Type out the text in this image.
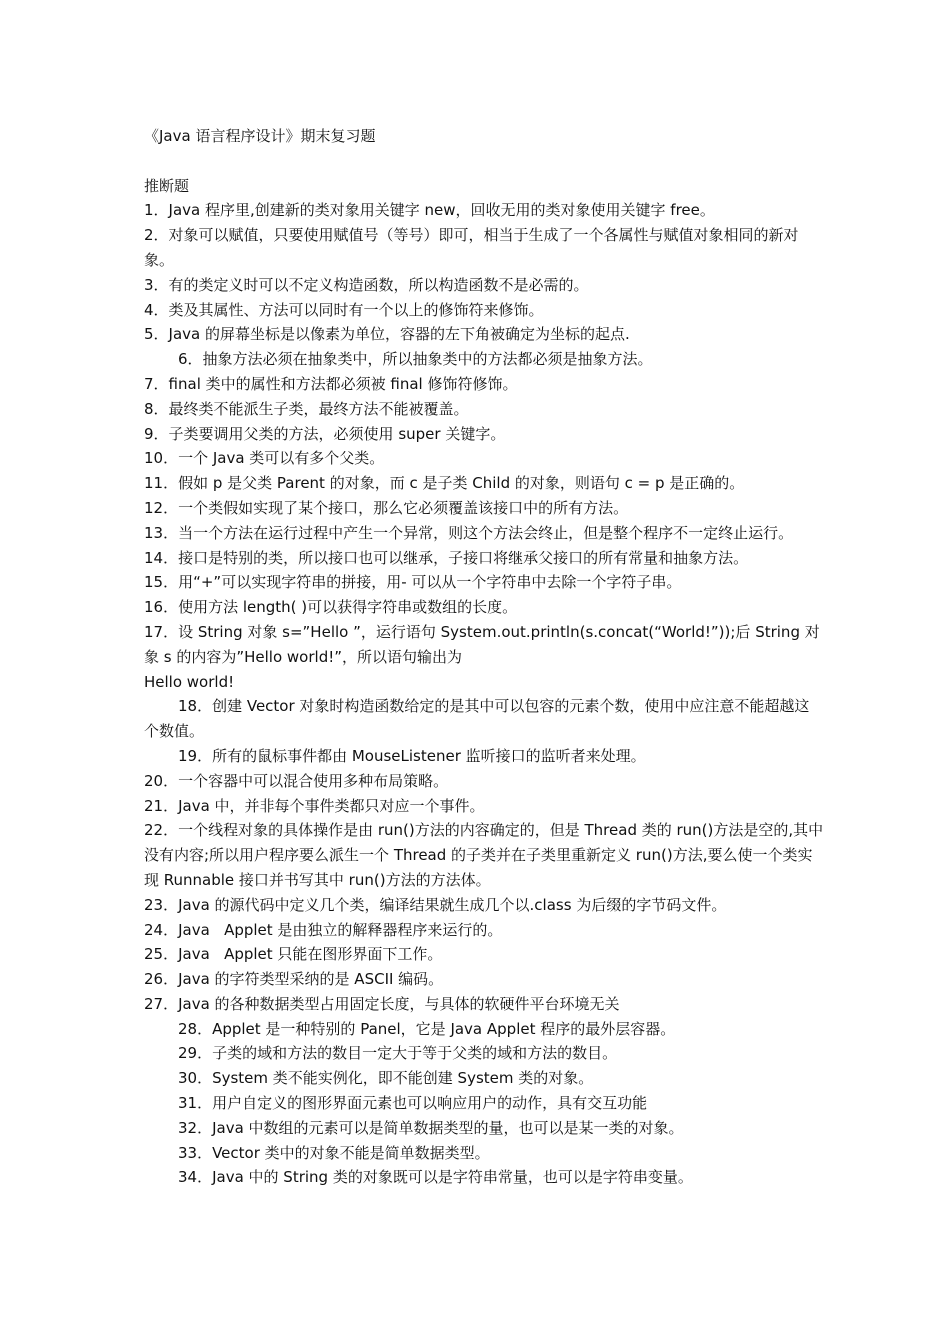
《Java 语言程序设计》期末复习题
推断题
1．Java 程序里,创建新的类对象用关键字 new，回收无用的类对象使用关键字 free。
2．对象可以赋值，只要使用赋值号（等号）即可，相当于生成了一个各属性与赋值对象相同的新对象。
3．有的类定义时可以不定义构造函数，所以构造函数不是必需的。
4．类及其属性、方法可以同时有一个以上的修饰符来修饰。
5．Java 的屏幕坐标是以像素为单位，容器的左下角被确定为坐标的起点.
6．抽象方法必须在抽象类中，所以抽象类中的方法都必须是抽象方法。
7．final 类中的属性和方法都必须被 final 修饰符修饰。
8．最终类不能派生子类，最终方法不能被覆盖。
9．子类要调用父类的方法，必须使用 super 关键字。
10．一个 Java 类可以有多个父类。
11．假如 p 是父类 Parent 的对象，而 c 是子类 Child 的对象，则语句 c = p 是正确的。
12．一个类假如实现了某个接口，那么它必须覆盖该接口中的所有方法。
13．当一个方法在运行过程中产生一个异常，则这个方法会终止，但是整个程序不一定终止运行。
14．接口是特别的类，所以接口也可以继承，子接口将继承父接口的所有常量和抽象方法。
15．用“+”可以实现字符串的拼接，用- 可以从一个字符串中去除一个字符子串。
16．使用方法 length( )可以获得字符串或数组的长度。
17．设 String 对象 s=”Hello ”，运行语句 System.out.println(s.concat(“World!”));后 String 对象 s 的内容为”Hello world!”，所以语句输出为
Hello world!
18．创建 Vector 对象时构造函数给定的是其中可以包容的元素个数，使用中应注意不能超越这个数值。
19．所有的鼠标事件都由 MouseListener 监听接口的监听者来处理。
20．一个容器中可以混合使用多种布局策略。
21．Java 中，并非每个事件类都只对应一个事件。
22．一个线程对象的具体操作是由 run()方法的内容确定的，但是 Thread 类的 run()方法是空的,其中没有内容;所以用户程序要么派生一个 Thread 的子类并在子类里重新定义 run()方法,要么使一个类实现 Runnable 接口并书写其中 run()方法的方法体。
23．Java 的源代码中定义几个类，编译结果就生成几个以.class 为后缀的字节码文件。
24．Java   Applet 是由独立的解释器程序来运行的。
25．Java   Applet 只能在图形界面下工作。
26．Java 的字符类型采纳的是 ASCII 编码。
27．Java 的各种数据类型占用固定长度，与具体的软硬件平台环境无关
28．Applet 是一种特别的 Panel，它是 Java Applet 程序的最外层容器。
29．子类的域和方法的数目一定大于等于父类的域和方法的数目。
30．System 类不能实例化，即不能创建 System 类的对象。
31．用户自定义的图形界面元素也可以响应用户的动作，具有交互功能
32．Java 中数组的元素可以是简单数据类型的量，也可以是某一类的对象。
33．Vector 类中的对象不能是简单数据类型。
34．Java 中的 String 类的对象既可以是字符串常量，也可以是字符串变量。
